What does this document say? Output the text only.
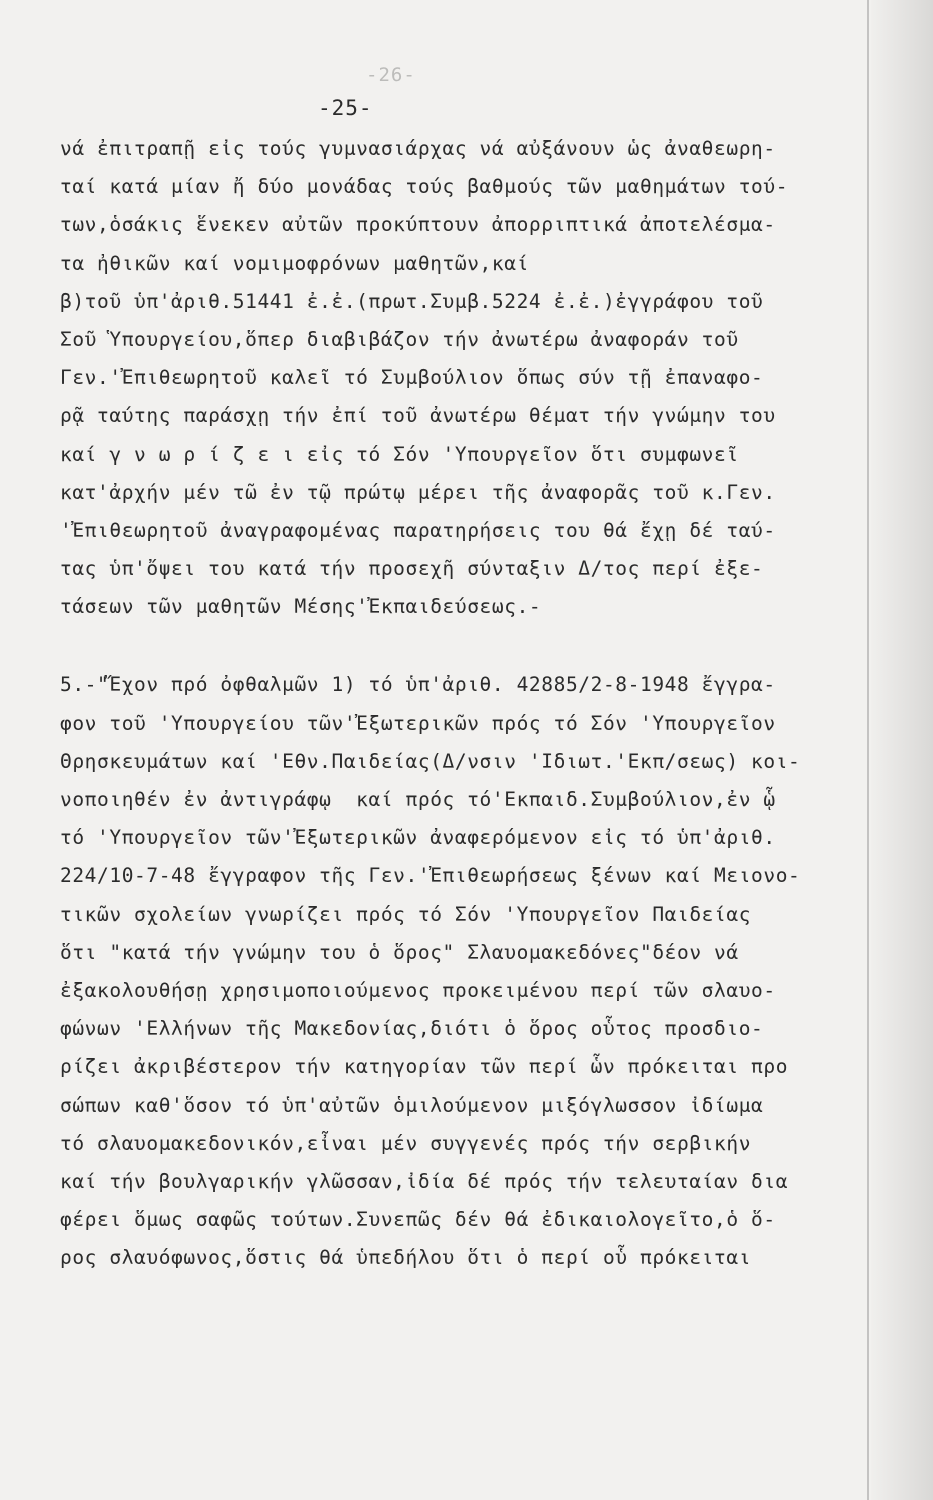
-26-
-25-
νά ἐπιτραπῇ εἰς τούς γυμνασιάρχας νά αὐξάνουν ὡς ἀναθεωρη-
ταί κατά μίαν ἤ δύο μονάδας τούς βαθμούς τῶν μαθημάτων τού-
των,ὁσάκις ἕνεκεν αὐτῶν προκύπτουν ἀπορριπτικά ἀποτελέσμα-
τα ἠθικῶν καί νομιμοφρόνων μαθητῶν,καί
β)τοῦ ὑπ'ἀριθ.51441 ἐ.ἐ.(πρωτ.Συμβ.5224 ἐ.ἐ.)ἐγγράφου τοῦ
Σοῦ Ὑπουργείου,ὅπερ διαβιβάζον τήν ἀνωτέρω ἀναφοράν τοῦ
Γεν.'Ἐπιθεωρητοῦ καλεῖ τό Συμβούλιον ὅπως σύν τῇ ἐπαναφο-
ρᾷ ταύτης παράσχῃ τήν ἐπί τοῦ ἀνωτέρω θέματ τήν γνώμην του
καί γ ν ω ρ ί ζ ε ι εἰς τό Σόν 'Υπουργεῖον ὅτι συμφωνεῖ
κατ'ἀρχήν μέν τῶ ἐν τῷ πρώτῳ μέρει τῆς ἀναφορᾶς τοῦ κ.Γεν.
'Ἐπιθεωρητοῦ ἀναγραφομένας παρατηρήσεις του θά ἔχῃ δέ ταύ-
τας ὑπ'ὄψει του κατά τήν προσεχῆ σύνταξιν Δ/τος περί ἐξε-
τάσεων τῶν μαθητῶν Μέσης'Ἐκπαιδεύσεως.-
5.-"Ἔχον πρό ὀφθαλμῶν 1) τό ὑπ'ἀριθ. 42885/2-8-1948 ἔγγρα-
φον τοῦ 'Υπουργείου τῶν'Ἐξωτερικῶν πρός τό Σόν 'Υπουργεῖον
Θρησκευμάτων καί 'Εθν.Παιδείας(Δ/νσιν 'Ιδιωτ.'Εκπ/σεως) κοι-
νοποιηθέν ἐν ἀντιγράφῳ  καί πρός τό'Εκπαιδ.Συμβούλιον,ἐν ᾧ
τό 'Υπουργεῖον τῶν'Ἐξωτερικῶν ἀναφερόμενον εἰς τό ὑπ'ἀριθ.
224/10-7-48 ἔγγραφον τῆς Γεν.'Ἐπιθεωρήσεως ξένων καί Μειονο-
τικῶν σχολείων γνωρίζει πρός τό Σόν 'Υπουργεῖον Παιδείας
ὅτι "κατά τήν γνώμην του ὁ ὅρος" Σλαυομακεδόνες"δέον νά
ἐξακολουθήσῃ χρησιμοποιούμενος προκειμένου περί τῶν σλαυο-
φώνων 'Ελλήνων τῆς Μακεδονίας,διότι ὁ ὅρος οὗτος προσδιο-
ρίζει ἀκριβέστερον τήν κατηγορίαν τῶν περί ὧν πρόκειται προ
σώπων καθ'ὅσον τό ὑπ'αὐτῶν ὁμιλούμενον μιξόγλωσσον ἰδίωμα
τό σλαυομακεδονικόν,εἶναι μέν συγγενές πρός τήν σερβικήν
καί τήν βουλγαρικήν γλῶσσαν,ἰδία δέ πρός τήν τελευταίαν δια
φέρει ὅμως σαφῶς τούτων.Συνεπῶς δέν θά ἐδικαιολογεῖτο,ὁ ὅ-
ρος σλαυόφωνος,ὅστις θά ὑπεδήλου ὅτι ὁ περί οὗ πρόκειται
